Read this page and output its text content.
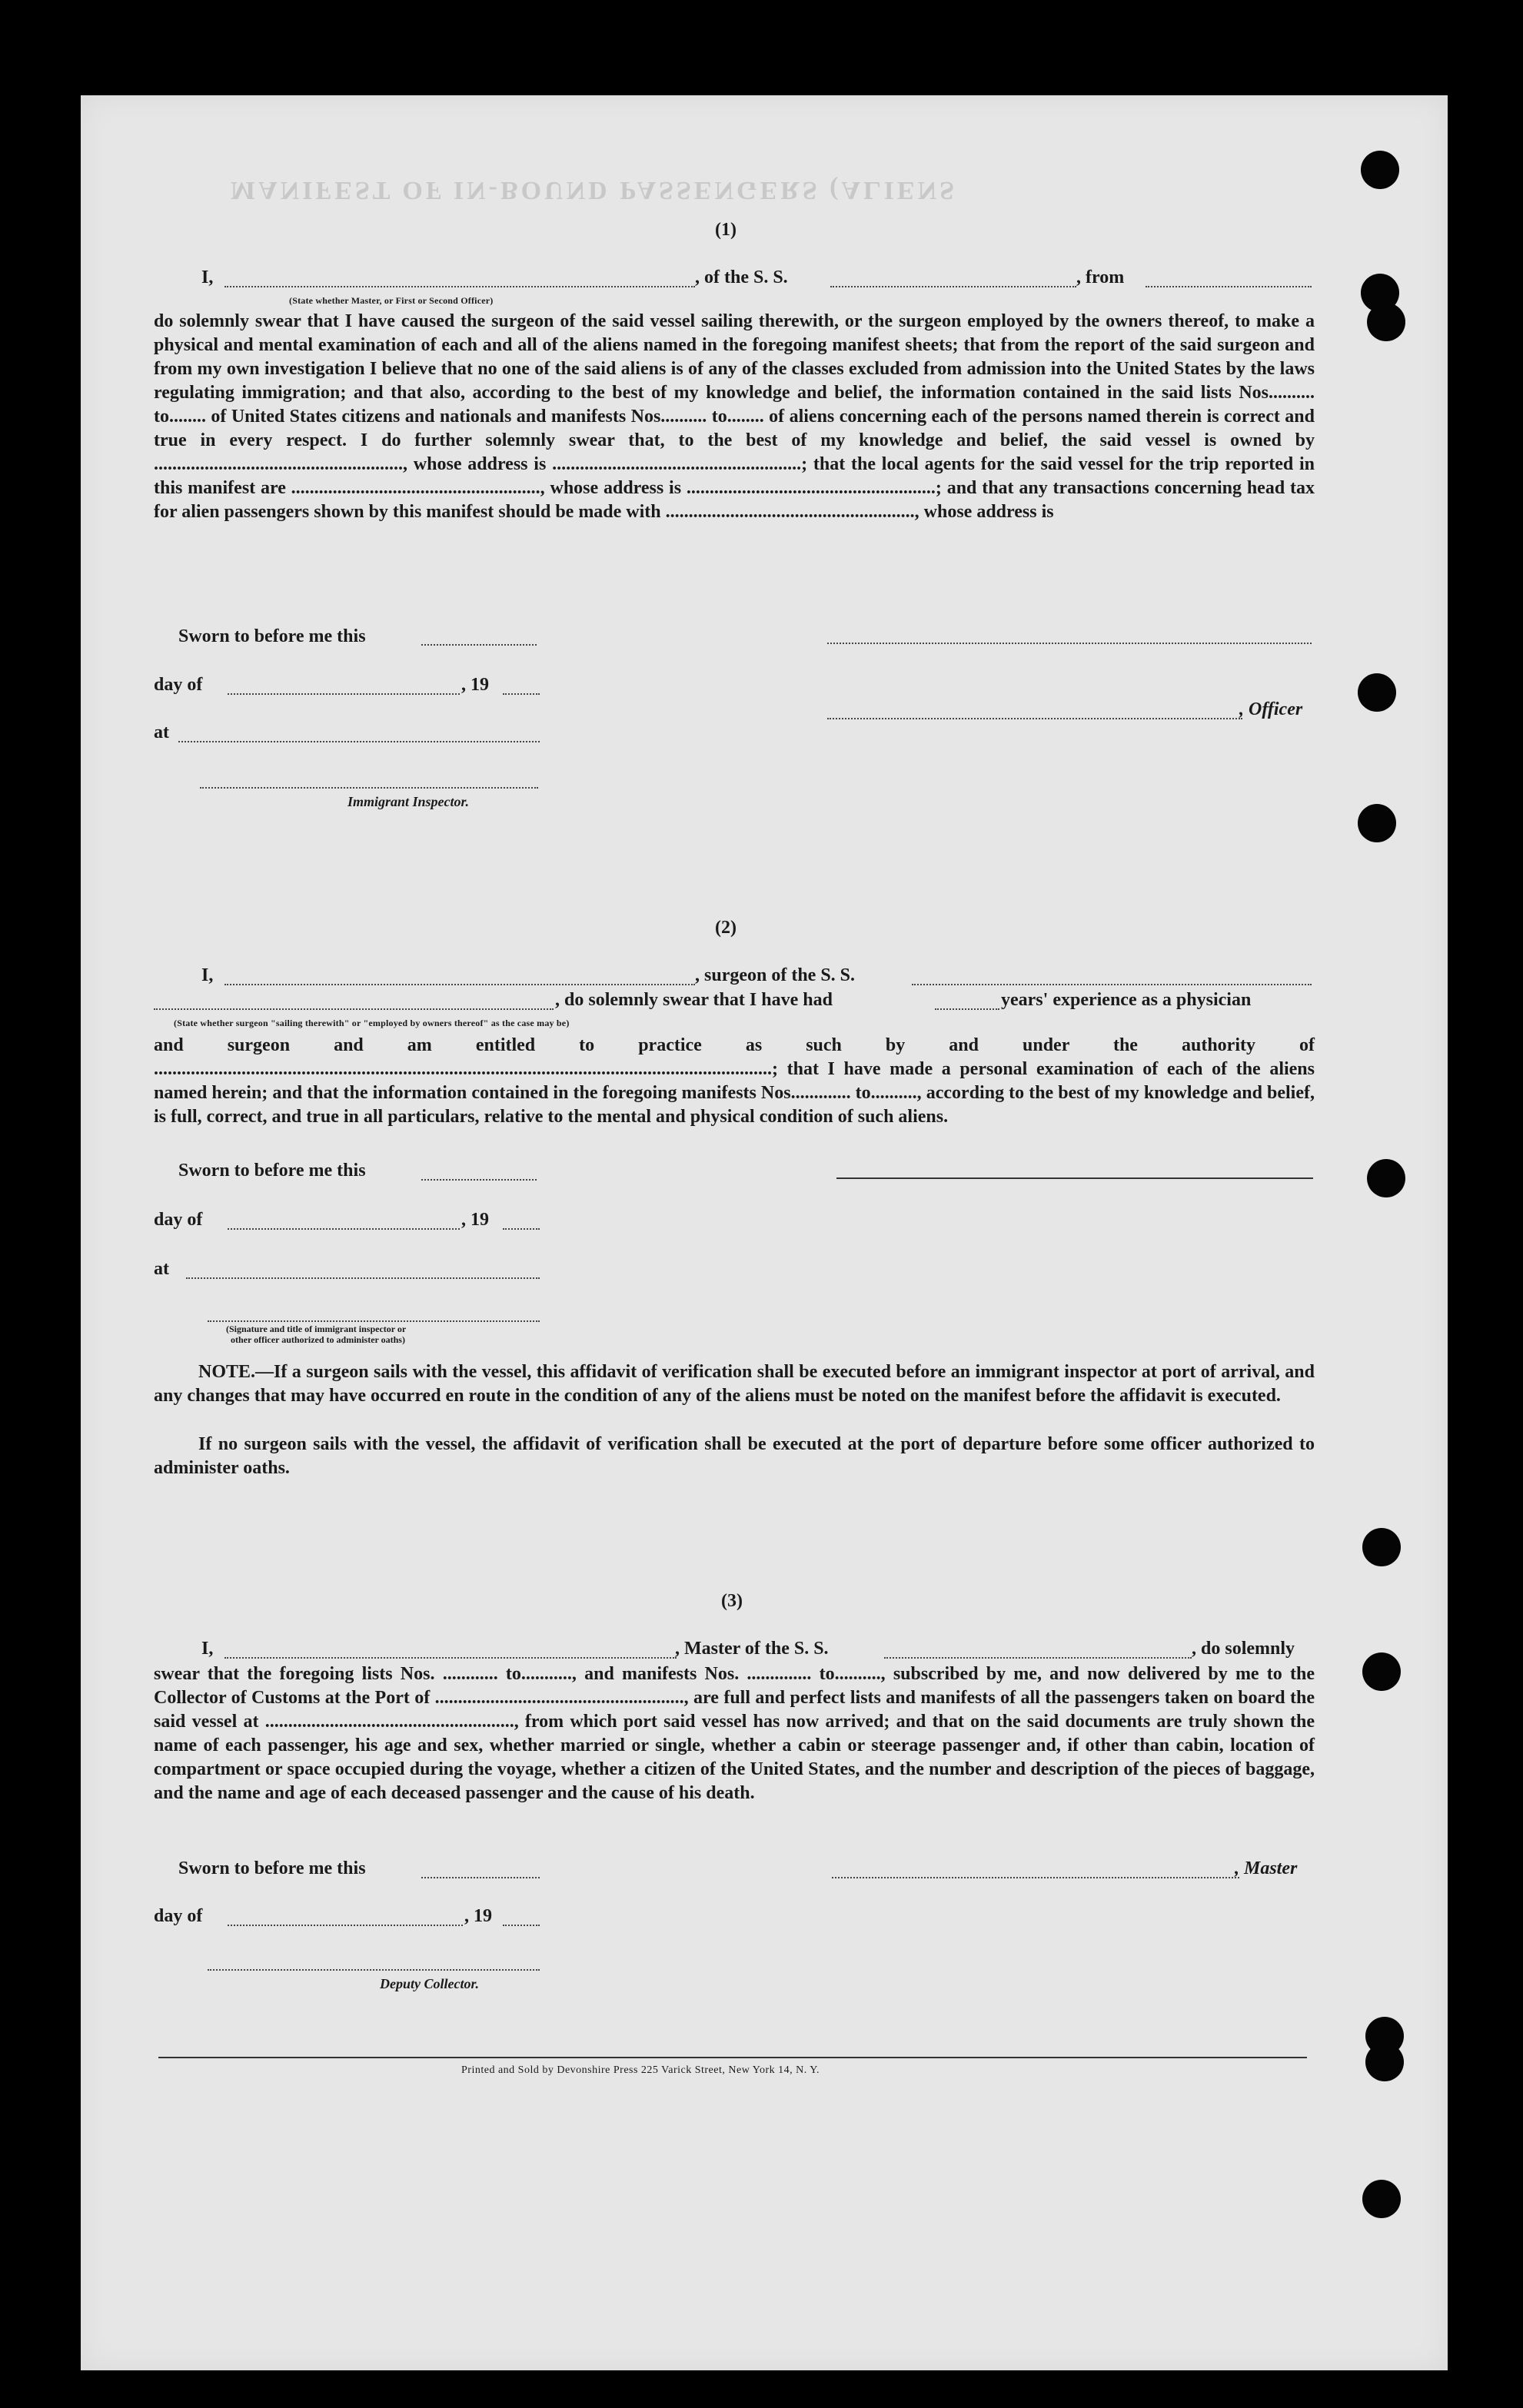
MANIFEST OF IN-BOUND PASSENGERS (ALIENS
(1)
I,
(State whether Master, or First or Second Officer)
, of the S. S.	, from
do solemnly swear that I have caused the surgeon of the said vessel sailing therewith, or the surgeon employed by the owners thereof, to make a physical and mental examination of each and all of the aliens named in the foregoing manifest sheets; that from the report of the said surgeon and from my own investigation I believe that no one of the said aliens is of any of the classes excluded from admission into the United States by the laws regulating immigration; and that also, according to the best of my knowledge and belief, the information contained in the said lists Nos.......... to........ of United States citizens and nationals and manifests Nos.......... to........ of aliens concerning each of the persons named therein is correct and true in every respect. I do further solemnly swear that, to the best of my knowledge and belief, the said vessel is owned by ......................................................, whose address is ......................................................; that the local agents for the said vessel for the trip reported in this manifest are ......................................................, whose address is ......................................................; and that any transactions concerning head tax for alien passengers shown by this manifest should be made with ......................................................, whose address is
Sworn to before me this
day of	, 19
, Officer
at
Immigrant Inspector.
(2)
I,	, surgeon of the S. S.
, do solemnly swear that I have had	years' experience as a physician
(State whether surgeon "sailing therewith" or "employed by owners thereof" as the case may be)
and surgeon and am entitled to practice as such by and under the authority of ......................................................................................................................................; that I have made a personal examination of each of the aliens named herein; and that the information contained in the foregoing manifests Nos............. to.........., according to the best of my knowledge and belief, is full, correct, and true in all particulars, relative to the mental and physical condition of such aliens.
Sworn to before me this
day of	, 19
at
(Signature and title of immigrant inspector or
other officer authorized to administer oaths)
NOTE.—If a surgeon sails with the vessel, this affidavit of verification shall be executed before an immigrant inspector at port of arrival, and any changes that may have occurred en route in the condition of any of the aliens must be noted on the manifest before the affidavit is executed.
If no surgeon sails with the vessel, the affidavit of verification shall be executed at the port of departure before some officer authorized to administer oaths.
(3)
I,	, Master of the S. S.	, do solemnly
swear that the foregoing lists Nos. ............ to..........., and manifests Nos. .............. to.........., subscribed by me, and now delivered by me to the Collector of Customs at the Port of ......................................................, are full and perfect lists and manifests of all the passengers taken on board the said vessel at ......................................................, from which port said vessel has now arrived; and that on the said documents are truly shown the name of each passenger, his age and sex, whether married or single, whether a cabin or steerage passenger and, if other than cabin, location of compartment or space occupied during the voyage, whether a citizen of the United States, and the number and description of the pieces of baggage, and the name and age of each deceased passenger and the cause of his death.
Sworn to before me this	, Master
day of	, 19
Deputy Collector.
Printed and Sold by Devonshire Press 225 Varick Street, New York 14, N. Y.
